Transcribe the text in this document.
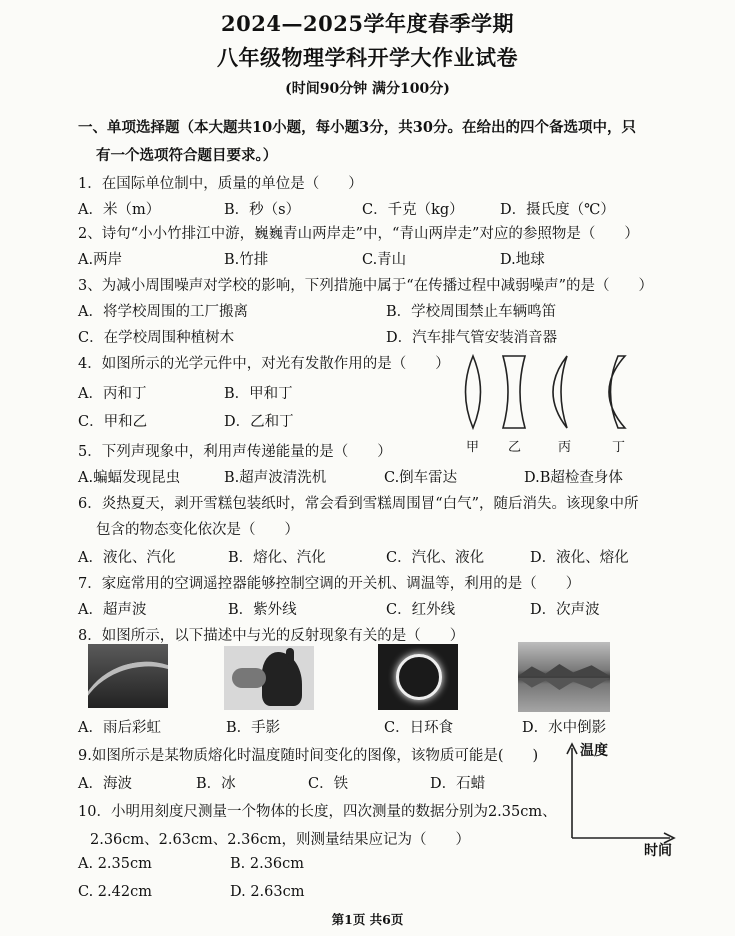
2024—2025学年度春季学期
八年级物理学科开学大作业试卷
(时间90分钟 满分100分)
一、单项选择题（本大题共10小题，每小题3分，共30分。在给出的四个备选项中，只
有一个选项符合题目要求。）
1．在国际单位制中，质量的单位是（　　）
A．米（m）	B．秒（s）	C．千克（kg）	D．摄氏度（℃）
2、诗句“小小竹排江中游，巍巍青山两岸走”中，“青山两岸走”对应的参照物是（　　）
A.两岸	B.竹排	C.青山	D.地球
3、为减小周围噪声对学校的影响，下列措施中属于“在传播过程中减弱噪声”的是（　　）
A．将学校周围的工厂搬离	B．学校周围禁止车辆鸣笛
C．在学校周围种植树木	D．汽车排气管安装消音器
4．如图所示的光学元件中，对光有发散作用的是（　　）
A．丙和丁	B．甲和丁
C．甲和乙	D．乙和丁
甲 乙	丙	丁
5．下列声现象中，利用声传递能量的是（　　）
A.蝙蝠发现昆虫	B.超声波清洗机	C.倒车雷达	D.B超检查身体
6．炎热夏天，剥开雪糕包装纸时，常会看到雪糕周围冒“白气”，随后消失。该现象中所
包含的物态变化依次是（　　）
A．液化、汽化	B．熔化、汽化	C．汽化、液化	D．液化、熔化
7．家庭常用的空调遥控器能够控制空调的开关机、调温等，利用的是（　　）
A．超声波	B．紫外线	C．红外线	D．次声波
8．如图所示，以下描述中与光的反射现象有关的是（　　）
A．雨后彩虹	B．手影	C．日环食	D．水中倒影
9.如图所示是某物质熔化时温度随时间变化的图像，该物质可能是(　　)
A．海波	B．冰	C．铁	D．石蜡
温度
时间
10．小明用刻度尺测量一个物体的长度，四次测量的数据分别为2.35cm、
2.36cm、2.63cm、2.36cm，则测量结果应记为（　　）
A. 2.35cm	B. 2.36cm
C. 2.42cm	D. 2.63cm
第1页 共6页
